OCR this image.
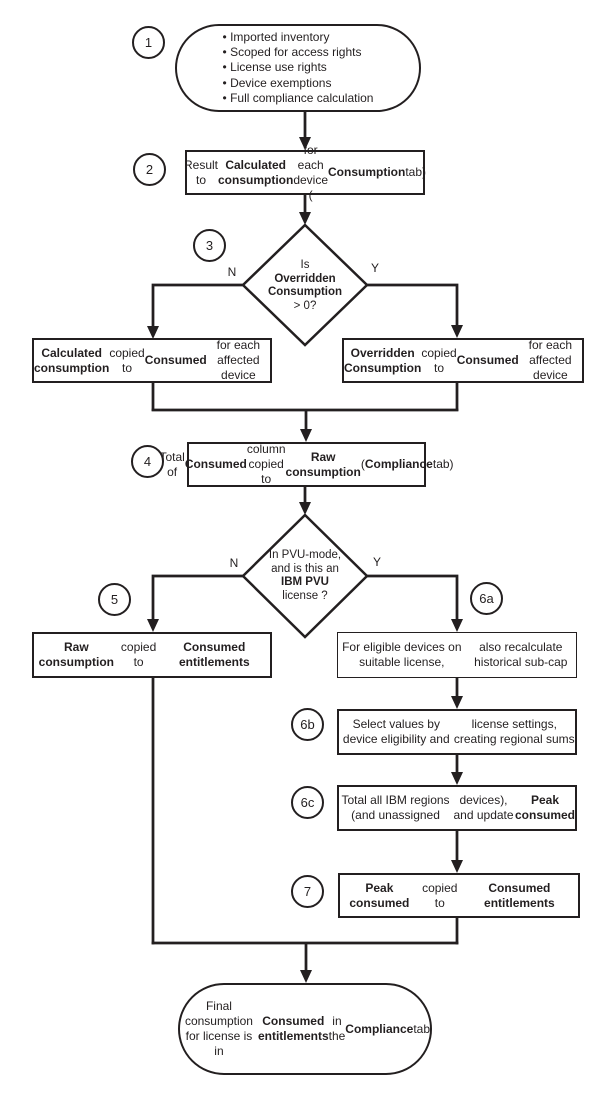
1
2
3
4
5	6a
6b
6c
7
• Imported inventory
• Scoped for access rights
• License use rights
• Device exemptions
• Full compliance calculation
Result to
Calculated consumption

for each device (
Consumption tab)
Is
Overridden
Consumption
> 0?
N	Y
Calculated consumption
copied to

Consumed
for each affected device
Overridden Consumption
copied to

Consumed
for each affected device
Total of
Consumed
column copied to

Raw consumption
( Compliance tab)
In PVU-mode,
and is this an
IBM PVU
license ?
N	Y
Raw consumption
copied to

Consumed entitlements
For eligible devices on suitable license,

also recalculate historical sub-cap
Select values by device eligibility and

license settings, creating regional sums
Total all IBM regions (and unassigned

devices), and update
Peak consumed
Peak consumed
copied to

Consumed entitlements
Final consumption for license is in

Consumed entitlements

in the
Compliance tab
